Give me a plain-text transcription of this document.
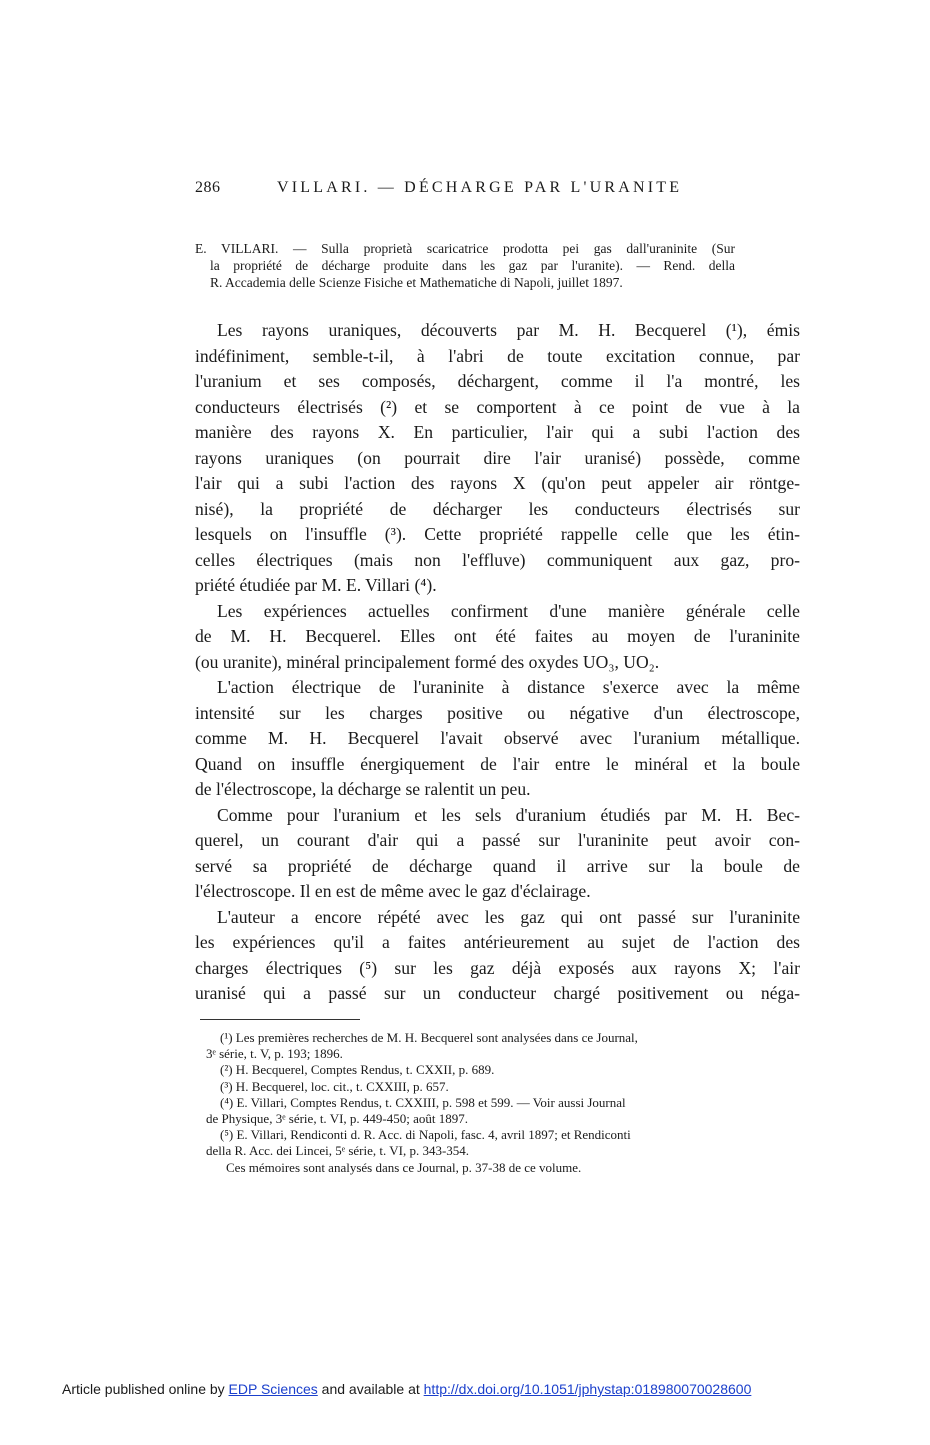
286	VILLARI. — DÉCHARGE PAR L'URANITE
E. VILLARI. — Sulla proprietà scaricatrice prodotta pei gas dall'uraninite (Sur
la propriété de décharge produite dans les gaz par l'uranite). — Rend. della
R. Accademia delle Scienze Fisiche et Mathematiche di Napoli, juillet 1897.
Les rayons uraniques, découverts par M. H. Becquerel (¹), émis
indéfiniment, semble-t-il, à l'abri de toute excitation connue, par
l'uranium et ses composés, déchargent, comme il l'a montré, les
conducteurs électrisés (²) et se comportent à ce point de vue à la
manière des rayons X. En particulier, l'air qui a subi l'action des
rayons uraniques (on pourrait dire l'air uranisé) possède, comme
l'air qui a subi l'action des rayons X (qu'on peut appeler air röntge-
nisé), la propriété de décharger les conducteurs électrisés sur
lesquels on l'insuffle (³). Cette propriété rappelle celle que les étin-
celles électriques (mais non l'effluve) communiquent aux gaz, pro-
priété étudiée par M. E. Villari (⁴).
Les expériences actuelles confirment d'une manière générale celle
de M. H. Becquerel. Elles ont été faites au moyen de l'uraninite
(ou uranite), minéral principalement formé des oxydes UO₃, UO₂.
L'action électrique de l'uraninite à distance s'exerce avec la même
intensité sur les charges positive ou négative d'un électroscope,
comme M. H. Becquerel l'avait observé avec l'uranium métallique.
Quand on insuffle énergiquement de l'air entre le minéral et la boule
de l'électroscope, la décharge se ralentit un peu.
Comme pour l'uranium et les sels d'uranium étudiés par M. H. Bec-
querel, un courant d'air qui a passé sur l'uraninite peut avoir con-
servé sa propriété de décharge quand il arrive sur la boule de
l'électroscope. Il en est de même avec le gaz d'éclairage.
L'auteur a encore répété avec les gaz qui ont passé sur l'uraninite
les expériences qu'il a faites antérieurement au sujet de l'action des
charges électriques (⁵) sur les gaz déjà exposés aux rayons X; l'air
uranisé qui a passé sur un conducteur chargé positivement ou néga-
(¹) Les premières recherches de M. H. Becquerel sont analysées dans ce Journal,
3ᵉ série, t. V, p. 193; 1896.
(²) H. Becquerel, Comptes Rendus, t. CXXII, p. 689.
(³) H. Becquerel, loc. cit., t. CXXIII, p. 657.
(⁴) E. Villari, Comptes Rendus, t. CXXIII, p. 598 et 599. — Voir aussi Journal
de Physique, 3ᵉ série, t. VI, p. 449-450; août 1897.
(⁵) E. Villari, Rendiconti d. R. Acc. di Napoli, fasc. 4, avril 1897; et Rendiconti
della R. Acc. dei Lincei, 5ᵉ série, t. VI, p. 343-354.
Ces mémoires sont analysés dans ce Journal, p. 37-38 de ce volume.
Article published online by EDP Sciences and available at http://dx.doi.org/10.1051/jphystap:018980070028600
